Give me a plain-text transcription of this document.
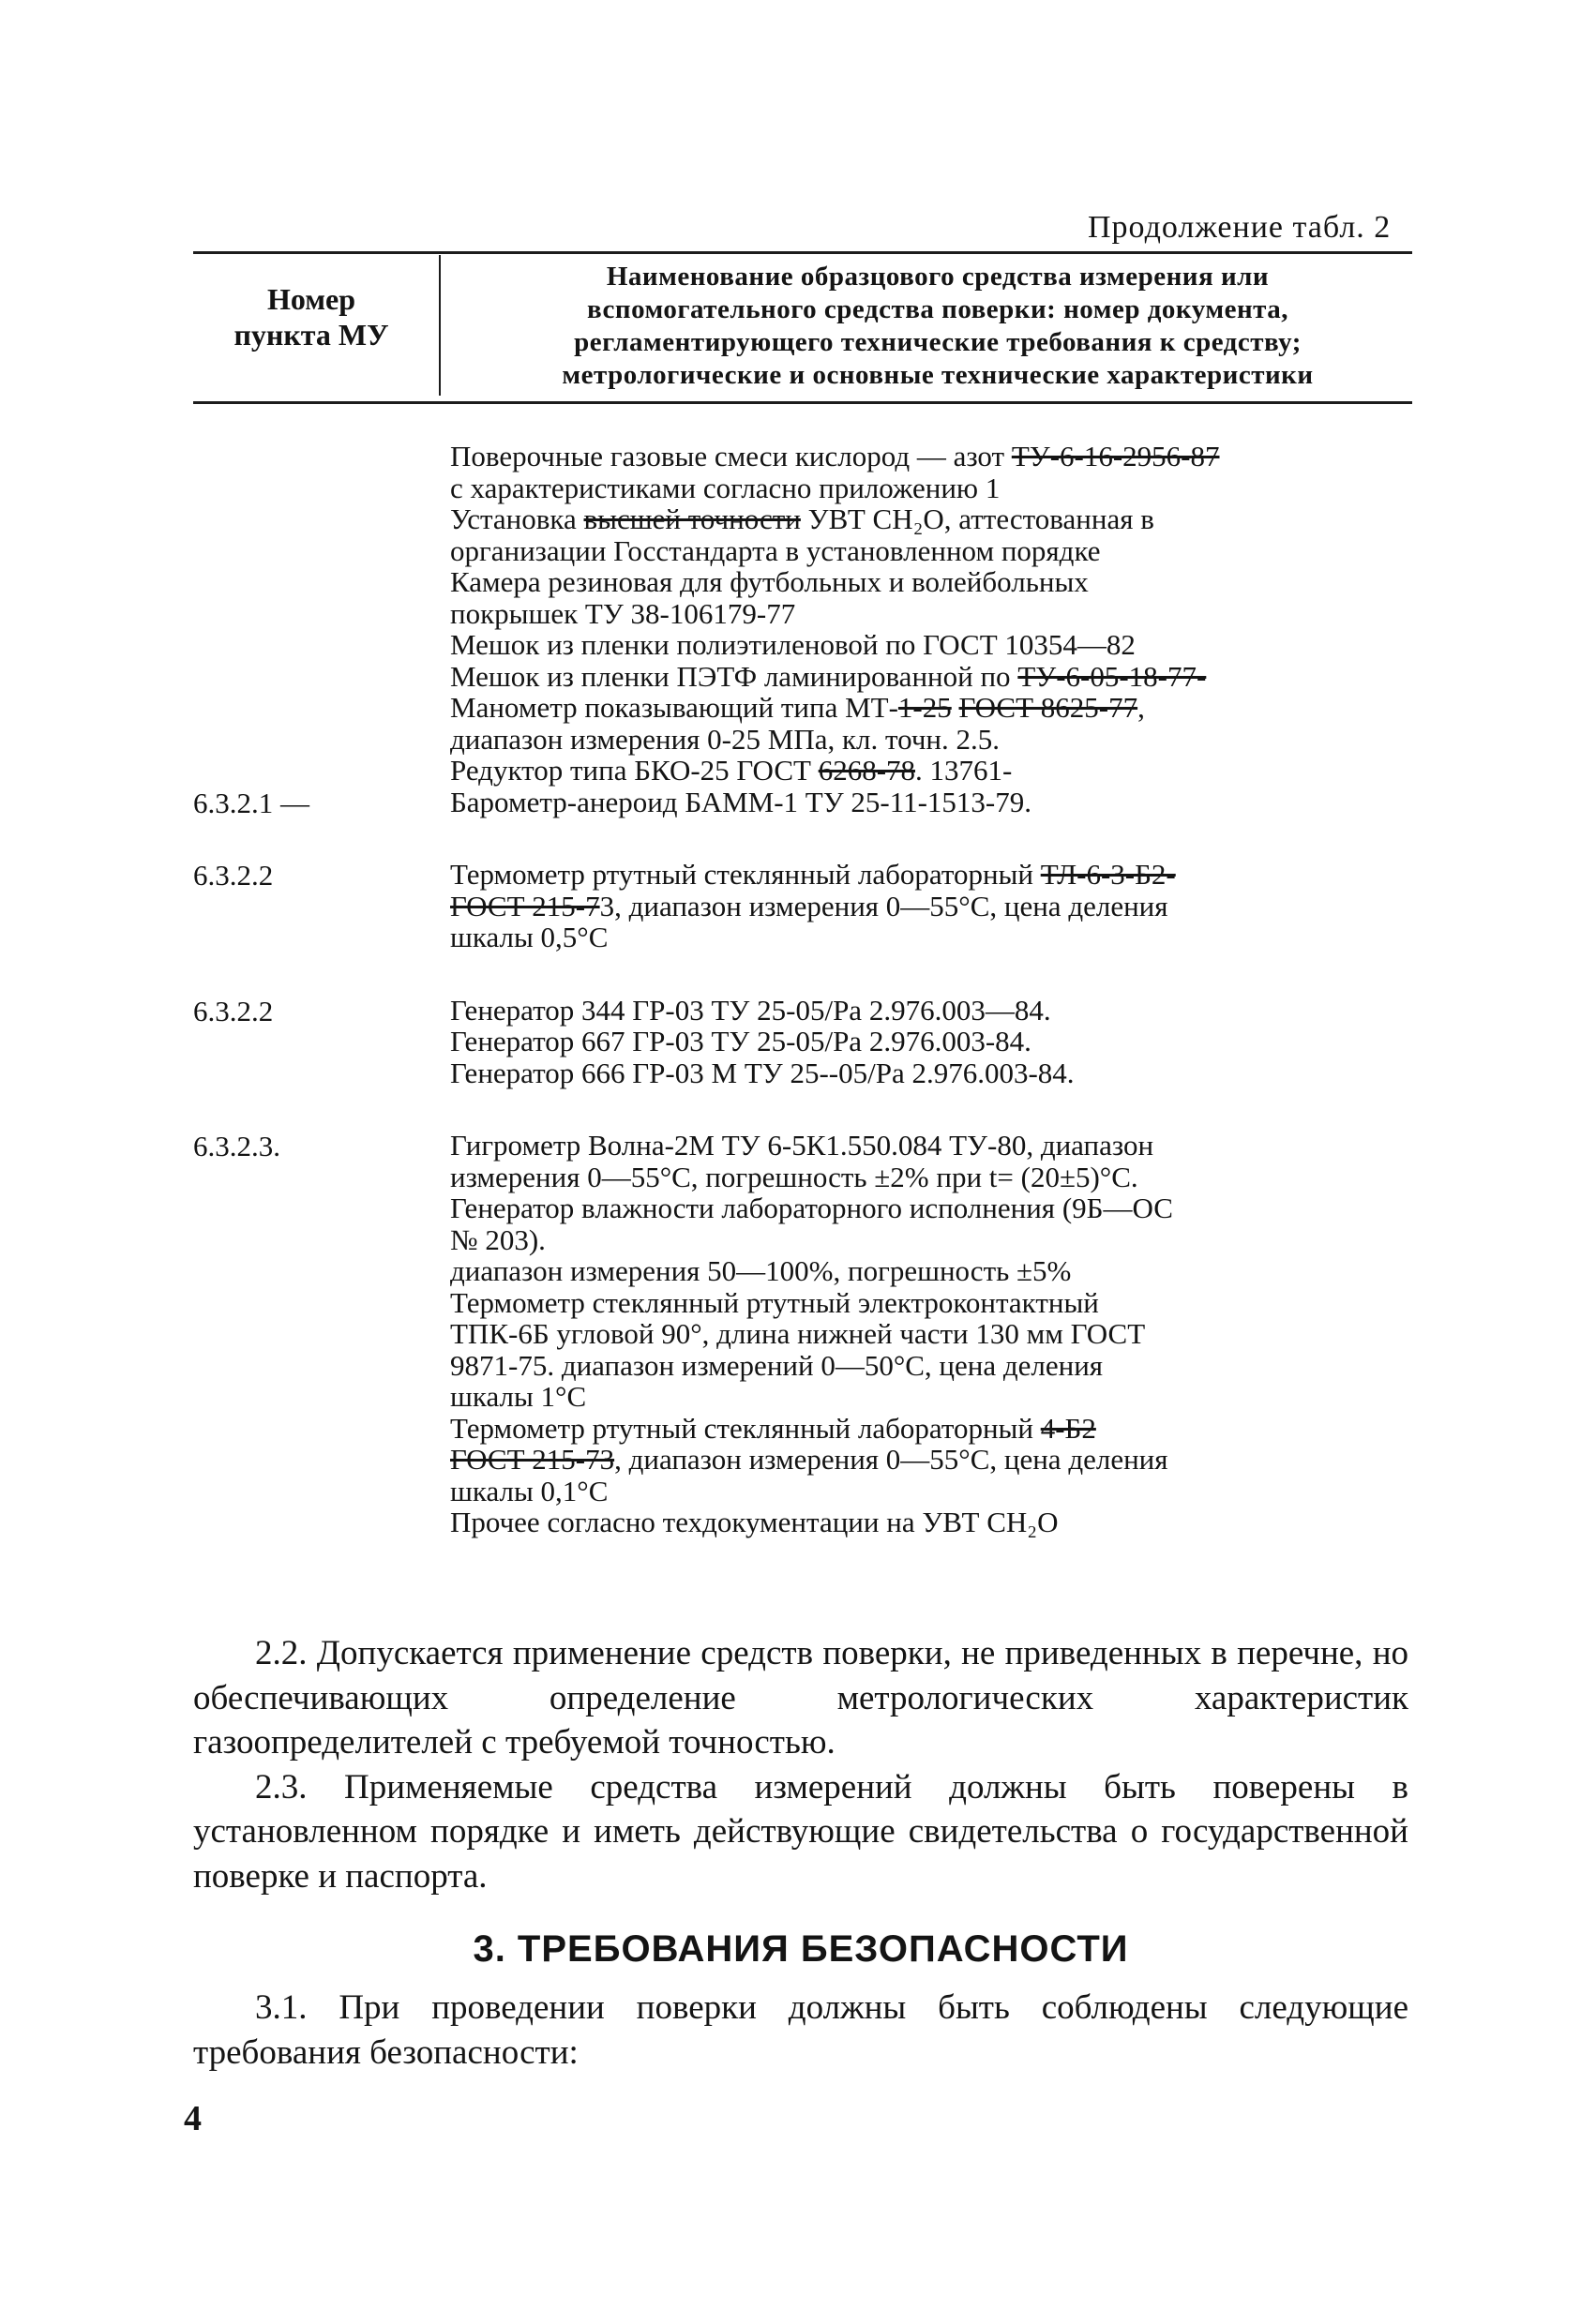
Продолжение табл. 2
Номер
пункта МУ
Наименование образцового средства измерения или
вспомогательного средства поверки: номер документа,
регламентирующего технические требования к средству;
метрологические и основные технические характеристики
Поверочные газовые смеси кислород — азот ТУ-6-16-2956-87
с характеристиками согласно приложению 1
Установка высшей точности УВТ CH₂O, аттестованная в
организации Госстандарта в установленном порядке
Камера резиновая для футбольных и волейбольных
покрышек ТУ 38-106179-77
Мешок из пленки полиэтиленовой по ГОСТ 10354—82
Мешок из пленки ПЭТФ ламинированной по ТУ-6-05-18-77-
Манометр показывающий типа МТ-1-25 ГОСТ 8625-77,
диапазон измерения 0-25 МПа, кл. точн. 2.5.
Редуктор типа БКО-25 ГОСТ 6268-78. 13761-
Барометр-анероид БАММ-1 ТУ 25-11-1513-79.
Термометр ртутный стеклянный лабораторный ТЛ-6-3-Б2-
ГОСТ 215-73, диапазон измерения 0—55°С, цена деления
шкалы 0,5°С
Генератор 344 ГР-03 ТУ 25-05/Ра 2.976.003—84.
Генератор 667 ГР-03 ТУ 25-05/Ра 2.976.003-84.
Генератор 666 ГР-03 М ТУ 25--05/Ра 2.976.003-84.
Гигрометр Волна-2М ТУ 6-5К1.550.084 ТУ-80, диапазон
измерения 0—55°С, погрешность ±2% при t= (20±5)°С.
Генератор влажности лабораторного исполнения (9Б—ОС
№ 203).
диапазон измерения 50—100%, погрешность ±5%
Термометр стеклянный ртутный электроконтактный
ТПК-6Б угловой 90°, длина нижней части 130 мм ГОСТ
9871-75. диапазон измерений 0—50°С, цена деления
шкалы 1°С
Термометр ртутный стеклянный лабораторный 4-Б2
ГОСТ 215-73, диапазон измерения 0—55°С, цена деления
шкалы 0,1°С
Прочее согласно техдокументации на УВТ CH₂O
6.3.2.1 —
6.3.2.2
6.3.2.2
6.3.2.3.

2.2. Допускается применение средств поверки, не приведенных в перечне, но обеспечивающих определение метрологических характеристик газоопределителей с требуемой точностью.

2.3. Применяемые средства измерений должны быть поверены в установленном порядке и иметь действующие свидетельства о государственной поверке и паспорта.

3. ТРЕБОВАНИЯ БЕЗОПАСНОСТИ

3.1. При проведении поверки должны быть соблюдены следующие требования безопасности:

4
